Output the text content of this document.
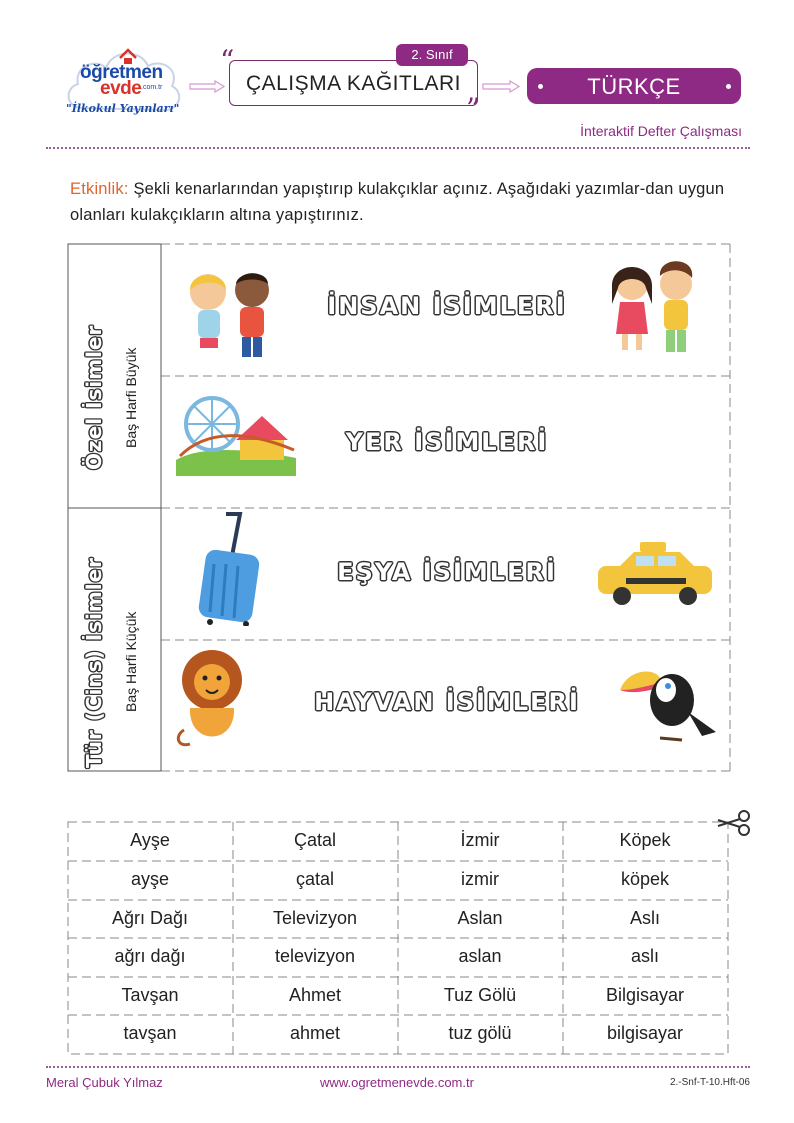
öğretmen
evde .com.tr
"İlkokul Yayınları"
“	2. Sınıf
ÇALIŞMA KAĞITLARI
”
TÜRKÇE
İnteraktif Defter Çalışması
Etkinlik: Şekli kenarlarından yapıştırıp kulakçıklar açınız. Aşağıdaki yazımlar-dan uygun olanları kulakçıkların altına yapıştırınız.
Özel İsimler Baş Harfi Büyük
Tür (Cins) İsimler Baş Harfi Küçük
İNSAN İSİMLERİ
YER İSİMLERİ
EŞYA İSİMLERİ
HAYVAN İSİMLERİ
Ayşe	Çatal	İzmir	Köpek
ayşe	çatal	izmir	köpek
Ağrı Dağı	Televizyon	Aslan	Aslı
ağrı dağı	televizyon	aslan	aslı
Tavşan	Ahmet	Tuz Gölü	Bilgisayar
tavşan	ahmet	tuz gölü	bilgisayar
Meral Çubuk Yılmaz	www.ogretmenevde.com.tr	2.-Snf-T-10.Hft-06
